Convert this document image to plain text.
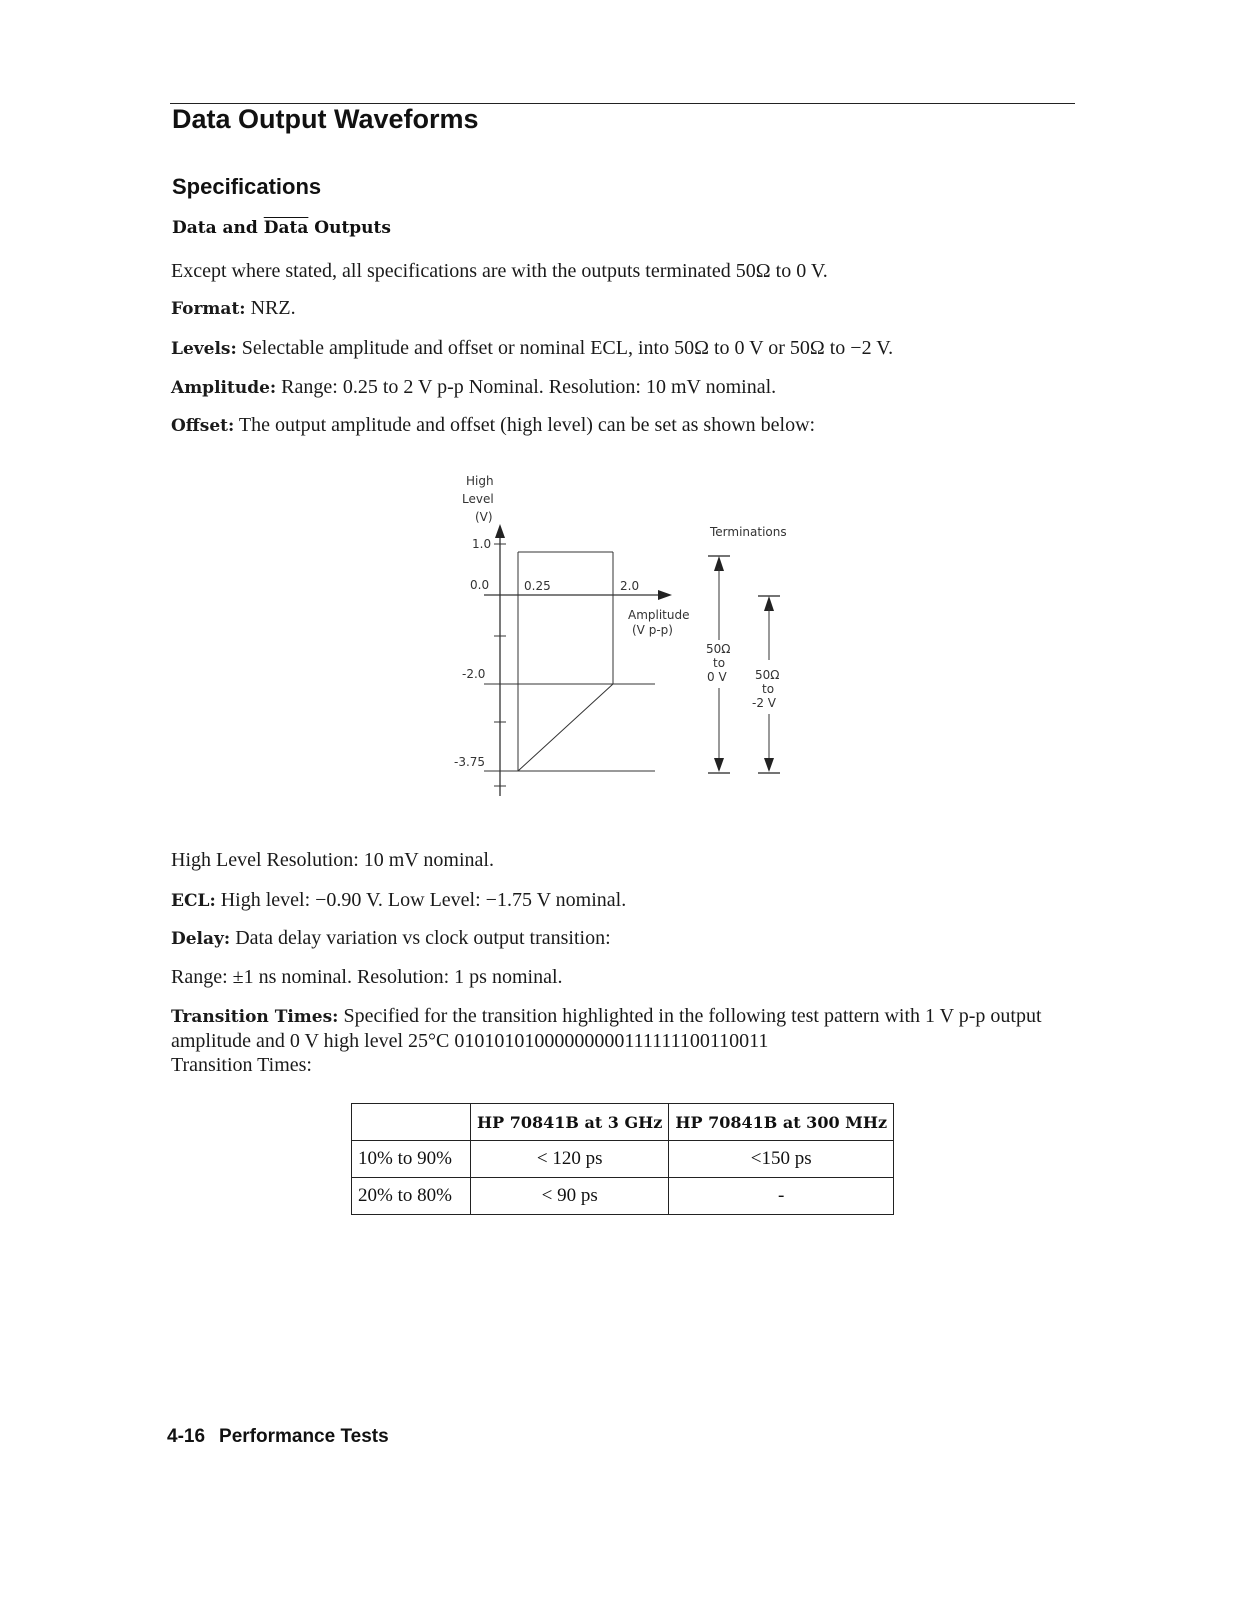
Data Output Waveforms
Specifications
Data and Data Outputs
Except where stated, all specifications are with the outputs terminated 50Ω to 0 V.
Format: NRZ.
Levels: Selectable amplitude and offset or nominal ECL, into 50Ω to 0 V or 50Ω to −2 V.
Amplitude: Range: 0.25 to 2 V p-p Nominal. Resolution: 10 mV nominal.
Offset: The output amplitude and offset (high level) can be set as shown below:
High
Level
(V)
1.0
0.0
-2.0
-3.75
0.25	2.0
Amplitude
(V p-p)
Terminations
50Ω
to
0 V 50Ω
to
-2 V
High Level Resolution: 10 mV nominal.
ECL: High level: −0.90 V. Low Level: −1.75 V nominal.
Delay: Data delay variation vs clock output transition:
Range: ±1 ns nominal. Resolution: 1 ps nominal.
Transition Times: Specified for the transition highlighted in the following test pattern with 1 V p-p output amplitude and 0 V high level 25°C 01010101000000000111111100110011
Transition Times:
	HP 70841B at 3 GHz	HP 70841B at 300 MHz
10% to 90%	< 120 ps	<150 ps
20% to 80%	< 90 ps	-
4-16 Performance Tests
